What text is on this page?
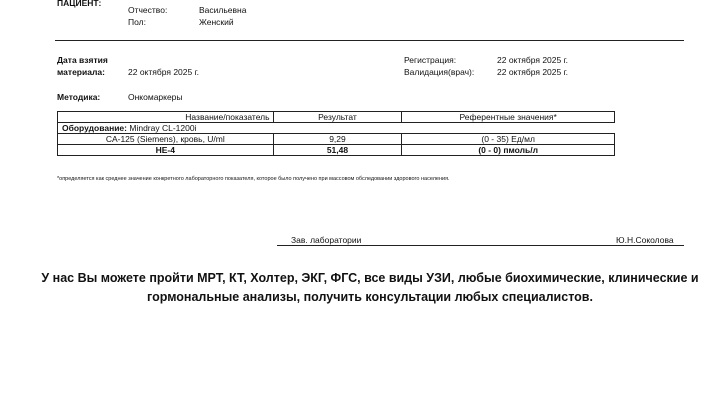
ПАЦИЕНТ:
Отчество:	Васильевна
Пол:	Женский
Дата взятия
материала:	22 октября 2025 г.
Регистрация:	22 октября 2025 г.
Валидация(врач):	22 октября 2025 г.
Методика:	Онкомаркеры
Название/показатель	Результат	Референтные значения*
Оборудование: Mindray CL-1200i		
CA-125 (Siemens), кровь, U/ml	9,29	(0 - 35) Ед/мл
HE-4	51,48	(0 - 0) пмоль/л
*определяется как среднее значение конкретного лабораторного показателя, которое было получено при массовом обследовании здорового населения.
Зав. лаборатории	Ю.Н.Соколова
У нас Вы можете пройти МРТ, КТ, Холтер, ЭКГ, ФГС, все виды УЗИ, любые биохимические, клинические и гормональные анализы, получить консультации любых специалистов.
